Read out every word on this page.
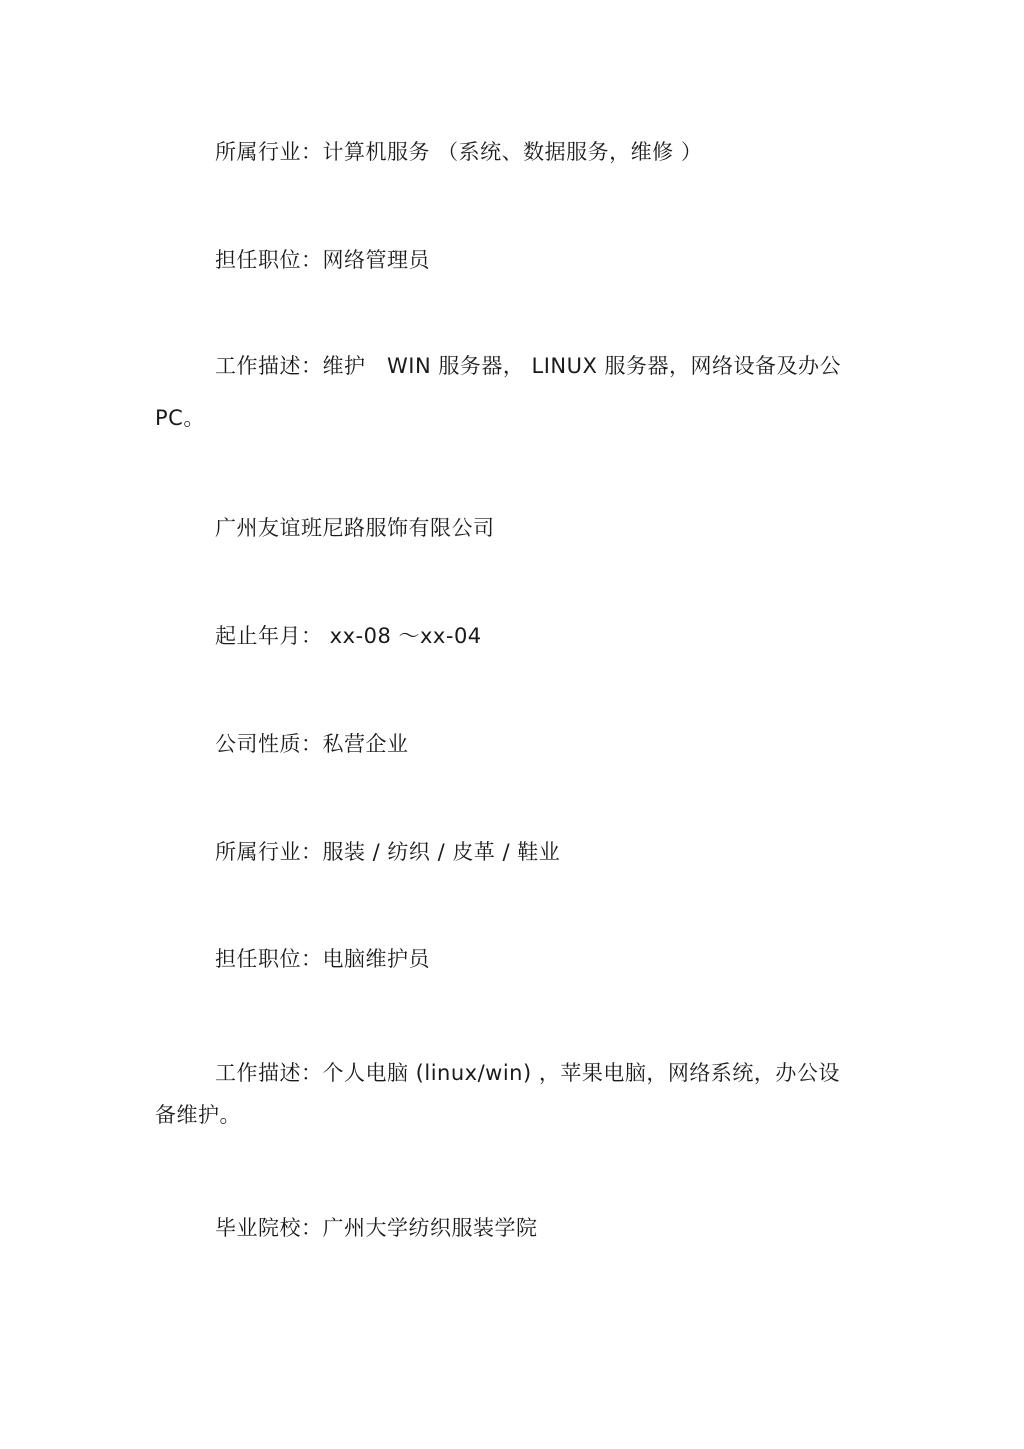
所属行业：计算机服务 （系统、数据服务，维修 ）

担任职位：网络管理员

工作描述：维护　WIN 服务器， LINUX 服务器，网络设备及办公 PC。

广州友谊班尼路服饰有限公司

起止年月： xx-08 ～xx-04

公司性质：私营企业

所属行业：服装 / 纺织 / 皮革 / 鞋业

担任职位：电脑维护员

工作描述：个人电脑 (linux/win) ，苹果电脑，网络系统，办公设备维护。

毕业院校：广州大学纺织服装学院
